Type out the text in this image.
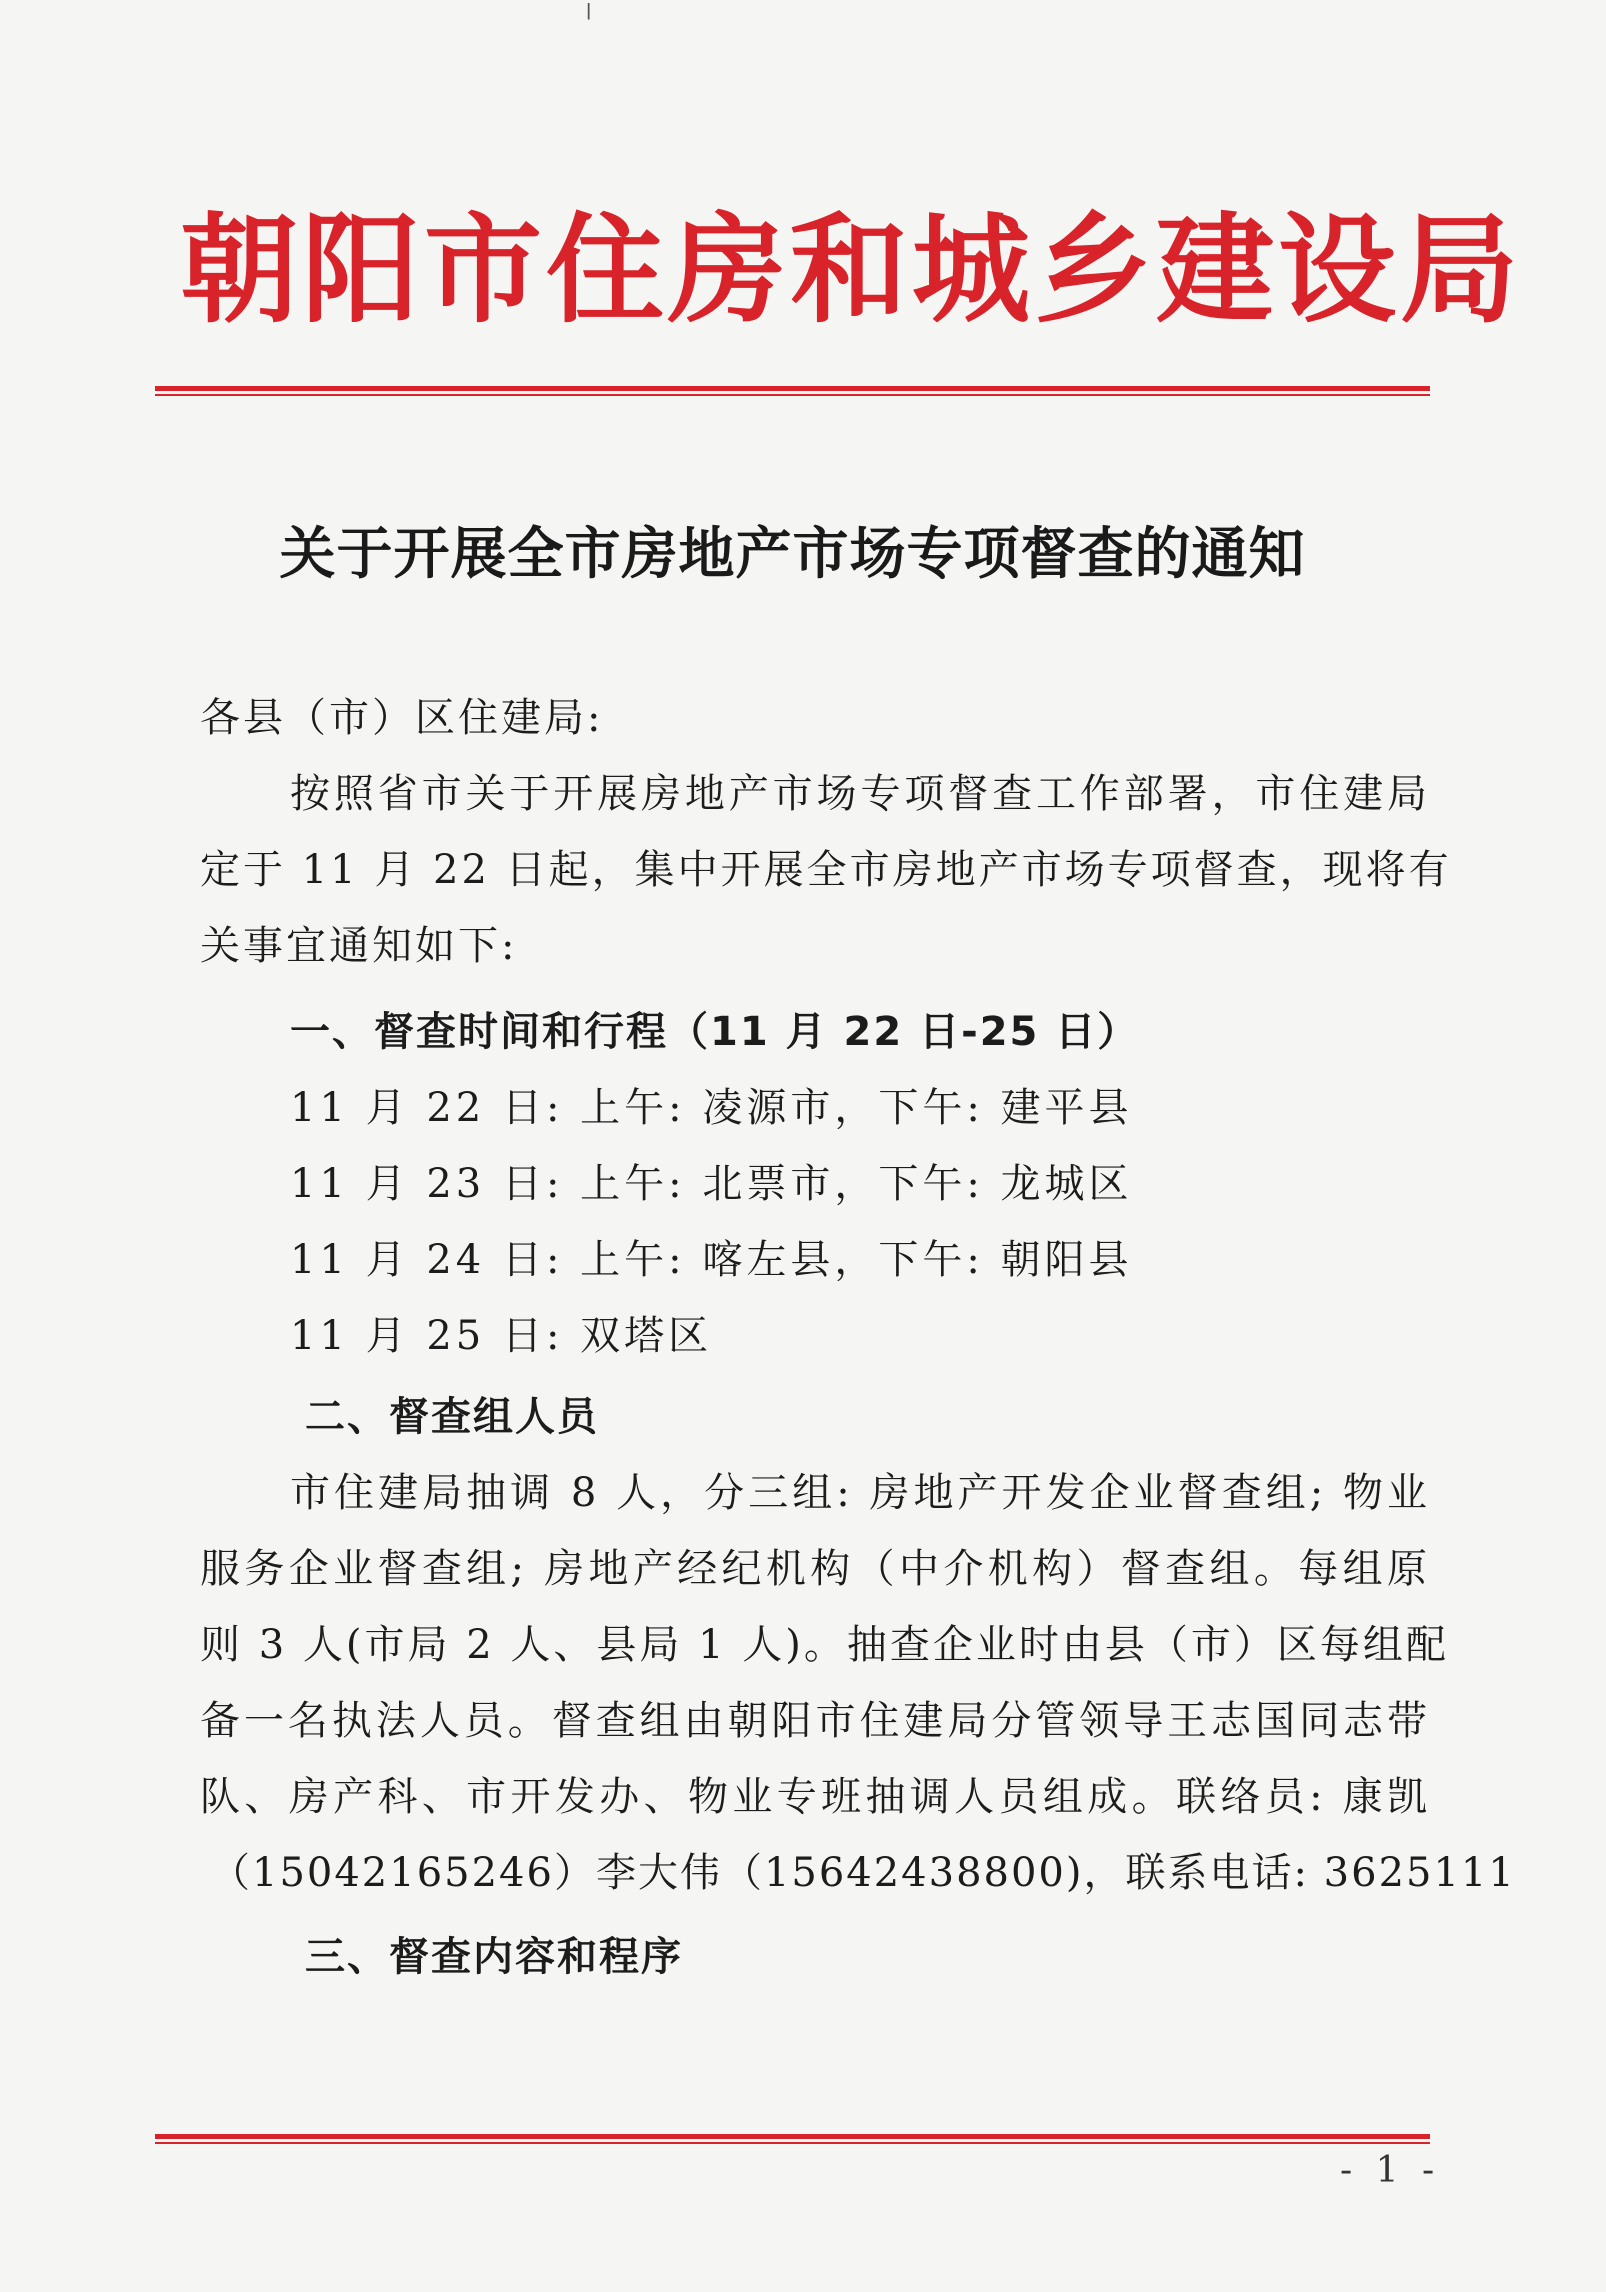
ǀ
朝阳市住房和城乡建设局
关于开展全市房地产市场专项督查的通知
各县（市）区住建局:
按照省市关于开展房地产市场专项督查工作部署，市住建局
定于 11 月 22 日起，集中开展全市房地产市场专项督查，现将有
关事宜通知如下:
一、督查时间和行程（11 月 22 日-25 日）
11 月 22 日: 上午: 凌源市，下午: 建平县
11 月 23 日: 上午: 北票市，下午: 龙城区
11 月 24 日: 上午: 喀左县，下午: 朝阳县
11 月 25 日: 双塔区
二、督查组人员
市住建局抽调 8 人，分三组: 房地产开发企业督查组; 物业
服务企业督查组; 房地产经纪机构（中介机构）督查组。每组原
则 3 人(市局 2 人、县局 1 人)。抽查企业时由县（市）区每组配
备一名执法人员。督查组由朝阳市住建局分管领导王志国同志带
队、房产科、市开发办、物业专班抽调人员组成。联络员: 康凯
（15042165246）李大伟（15642438800)，联系电话: 3625111
三、督查内容和程序
- 1 -
